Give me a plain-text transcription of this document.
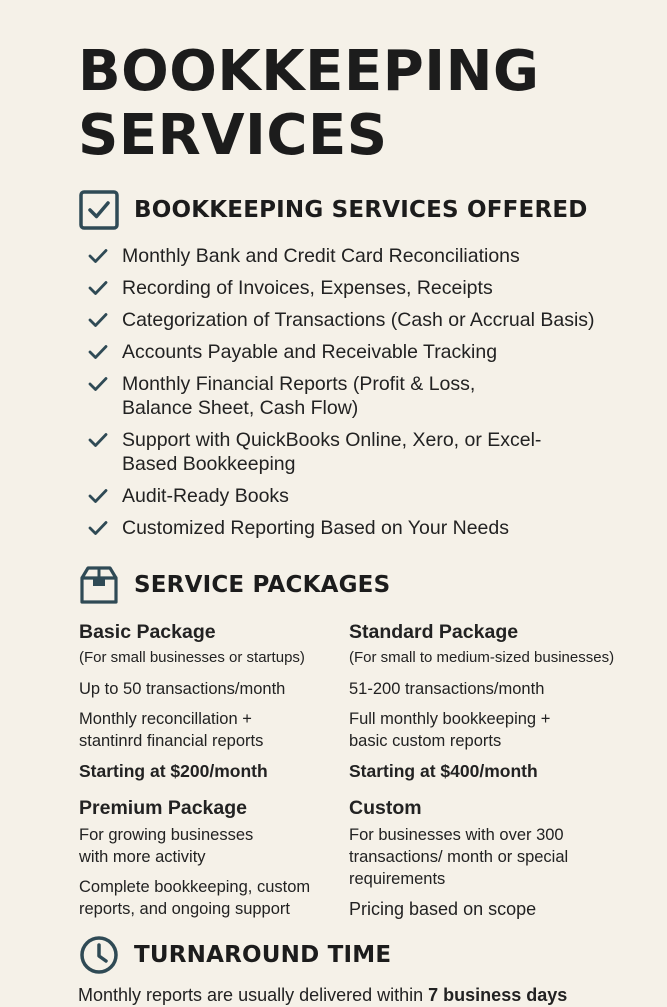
BOOKKEEPING
SERVICES
BOOKKEEPING SERVICES OFFERED
Monthly Bank and Credit Card Reconciliations
Recording of Invoices, Expenses, Receipts
Categorization of Transactions (Cash or Accrual Basis)
Accounts Payable and Receivable Tracking
Monthly Financial Reports (Profit & Loss, Balance Sheet, Cash Flow)
Support with QuickBooks Online, Xero, or Excel-Based Bookkeeping
Audit-Ready Books
Customized Reporting Based on Your Needs
SERVICE PACKAGES
Basic Package

(For small businesses or startups)

Up to 50 transactions/month

Monthly reconcillation + stantinrd financial reports

Starting at $200/month

Standard Package

(For small to medium-sized businesses)

51-200 transactions/month

Full monthly bookkeeping + basic custom reports

Starting at $400/month

Premium Package

For growing businesses with more activity

Complete bookkeeping, custom reports, and ongoing support

Custom

For businesses with over 300 transactions/ month or special requirements

Pricing based on scope

TURNAROUND TIME

Monthly reports are usually delivered within 7 business days
